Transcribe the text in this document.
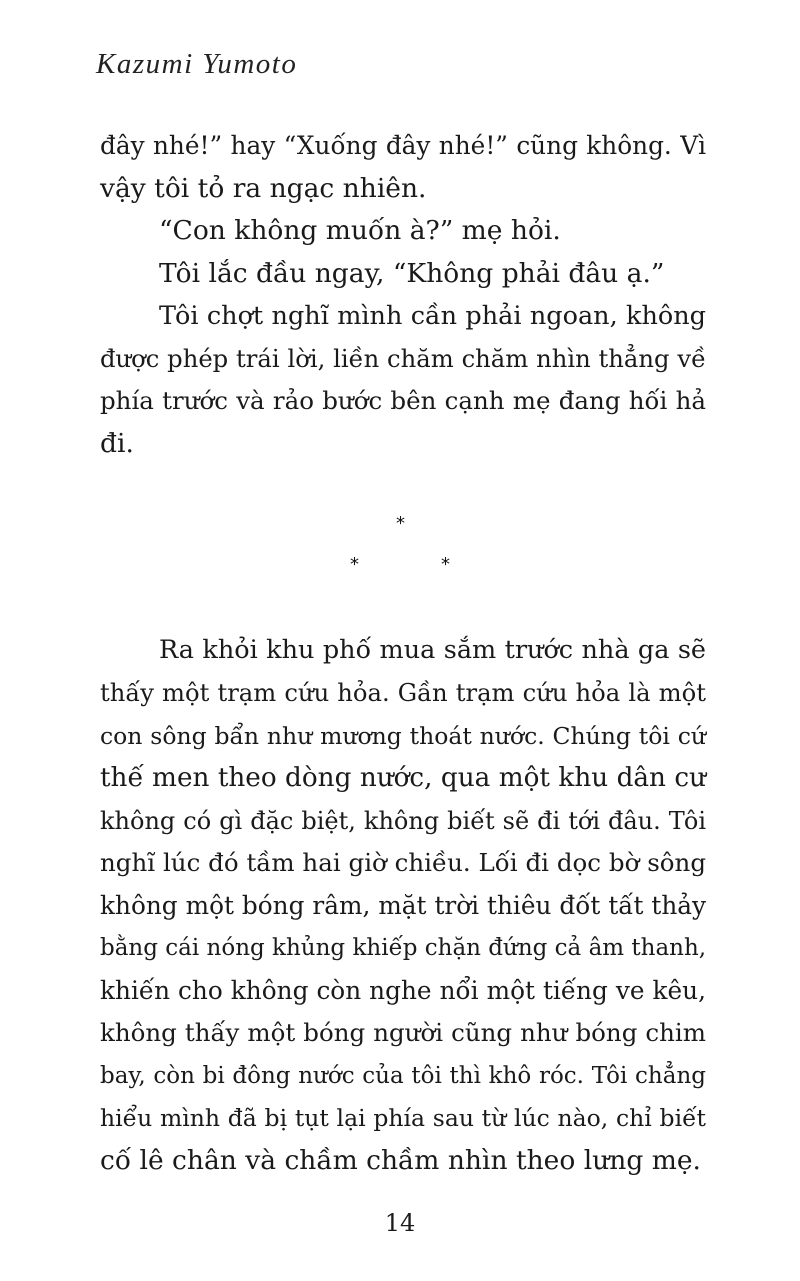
Kazumi Yumoto
đây nhé!” hay “Xuống đây nhé!” cũng không. Vì
vậy tôi tỏ ra ngạc nhiên.
“Con không muốn à?” mẹ hỏi.
Tôi lắc đầu ngay, “Không phải đâu ạ.”
Tôi chợt nghĩ mình cần phải ngoan, không
được phép trái lời, liền chăm chăm nhìn thẳng về
phía trước và rảo bước bên cạnh mẹ đang hối hả
đi.
*
*	*
Ra khỏi khu phố mua sắm trước nhà ga sẽ
thấy một trạm cứu hỏa. Gần trạm cứu hỏa là một
con sông bẩn như mương thoát nước. Chúng tôi cứ
thế men theo dòng nước, qua một khu dân cư
không có gì đặc biệt, không biết sẽ đi tới đâu. Tôi
nghĩ lúc đó tầm hai giờ chiều. Lối đi dọc bờ sông
không một bóng râm, mặt trời thiêu đốt tất thảy
bằng cái nóng khủng khiếp chặn đứng cả âm thanh,
khiến cho không còn nghe nổi một tiếng ve kêu,
không thấy một bóng người cũng như bóng chim
bay, còn bi đông nước của tôi thì khô róc. Tôi chẳng
hiểu mình đã bị tụt lại phía sau từ lúc nào, chỉ biết
cố lê chân và chầm chầm nhìn theo lưng mẹ.
14
